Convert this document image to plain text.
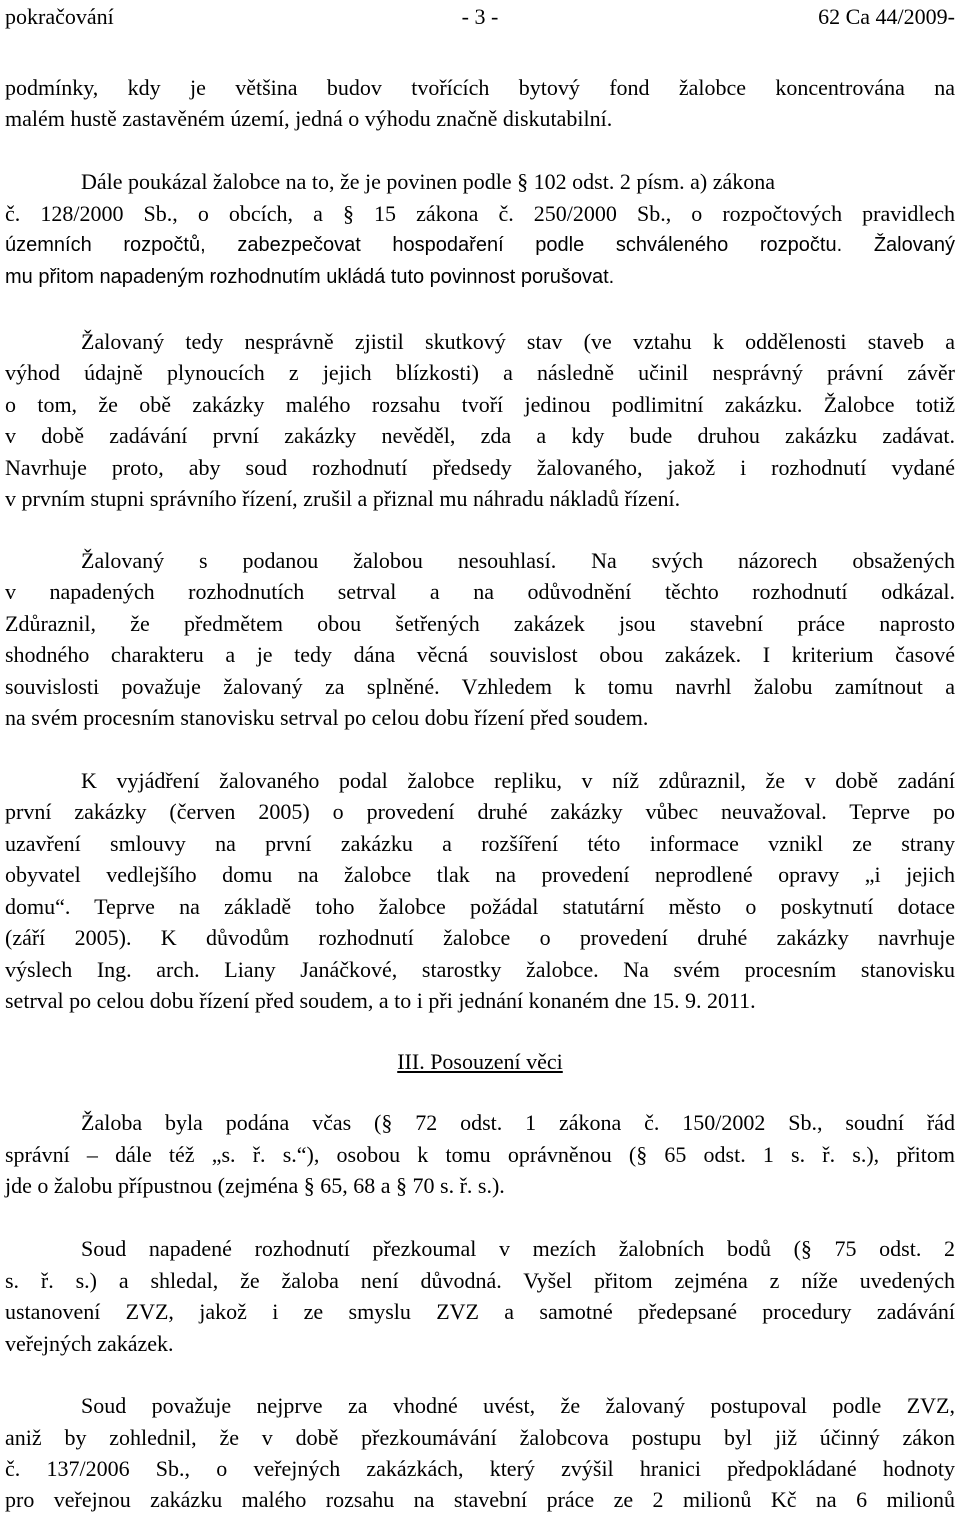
pokračování	- 3 -	62 Ca 44/2009-
podmínky, kdy je většina budov tvořících bytový fond žalobce koncentrována na
malém hustě zastavěném území, jedná o výhodu značně diskutabilní.
Dále poukázal žalobce na to, že je povinen podle § 102 odst. 2 písm. a) zákona
č. 128/2000 Sb., o obcích, a § 15 zákona č. 250/2000 Sb., o rozpočtových pravidlech
územních rozpočtů, zabezpečovat hospodaření podle schváleného rozpočtu. Žalovaný
mu přitom napadeným rozhodnutím ukládá tuto povinnost porušovat.
Žalovaný tedy nesprávně zjistil skutkový stav (ve vztahu k oddělenosti staveb a
výhod údajně plynoucích z jejich blízkosti) a následně učinil nesprávný právní závěr
o tom, že obě zakázky malého rozsahu tvoří jedinou podlimitní zakázku. Žalobce totiž
v době zadávání první zakázky nevěděl, zda a kdy bude druhou zakázku zadávat.
Navrhuje proto, aby soud rozhodnutí předsedy žalovaného, jakož i rozhodnutí vydané
v prvním stupni správního řízení, zrušil a přiznal mu náhradu nákladů řízení.
Žalovaný s podanou žalobou nesouhlasí. Na svých názorech obsažených
v napadených rozhodnutích setrval a na odůvodnění těchto rozhodnutí odkázal.
Zdůraznil, že předmětem obou šetřených zakázek jsou stavební práce naprosto
shodného charakteru a je tedy dána věcná souvislost obou zakázek. I kriterium časové
souvislosti považuje žalovaný za splněné. Vzhledem k tomu navrhl žalobu zamítnout a
na svém procesním stanovisku setrval po celou dobu řízení před soudem.
K vyjádření žalovaného podal žalobce repliku, v níž zdůraznil, že v době zadání
první zakázky (červen 2005) o provedení druhé zakázky vůbec neuvažoval. Teprve po
uzavření smlouvy na první zakázku a rozšíření této informace vznikl ze strany
obyvatel vedlejšího domu na žalobce tlak na provedení neprodlené opravy „i jejich
domu“. Teprve na základě toho žalobce požádal statutární město o poskytnutí dotace
(září 2005). K důvodům rozhodnutí žalobce o provedení druhé zakázky navrhuje
výslech Ing. arch. Liany Janáčkové, starostky žalobce. Na svém procesním stanovisku
setrval po celou dobu řízení před soudem, a to i při jednání konaném dne 15. 9. 2011.
III. Posouzení věci
Žaloba byla podána včas (§ 72 odst. 1 zákona č. 150/2002 Sb., soudní řád
správní – dále též „s. ř. s.“), osobou k tomu oprávněnou (§ 65 odst. 1 s. ř. s.), přitom
jde o žalobu přípustnou (zejména § 65, 68 a § 70 s. ř. s.).
Soud napadené rozhodnutí přezkoumal v mezích žalobních bodů (§ 75 odst. 2
s. ř. s.) a shledal, že žaloba není důvodná. Vyšel přitom zejména z níže uvedených
ustanovení ZVZ, jakož i ze smyslu ZVZ a samotné předepsané procedury zadávání
veřejných zakázek.
Soud považuje nejprve za vhodné uvést, že žalovaný postupoval podle ZVZ,
aniž by zohlednil, že v době přezkoumávání žalobcova postupu byl již účinný zákon
č. 137/2006 Sb., o veřejných zakázkách, který zvýšil hranici předpokládané hodnoty
pro veřejnou zakázku malého rozsahu na stavební práce ze 2 milionů Kč na 6 milionů
